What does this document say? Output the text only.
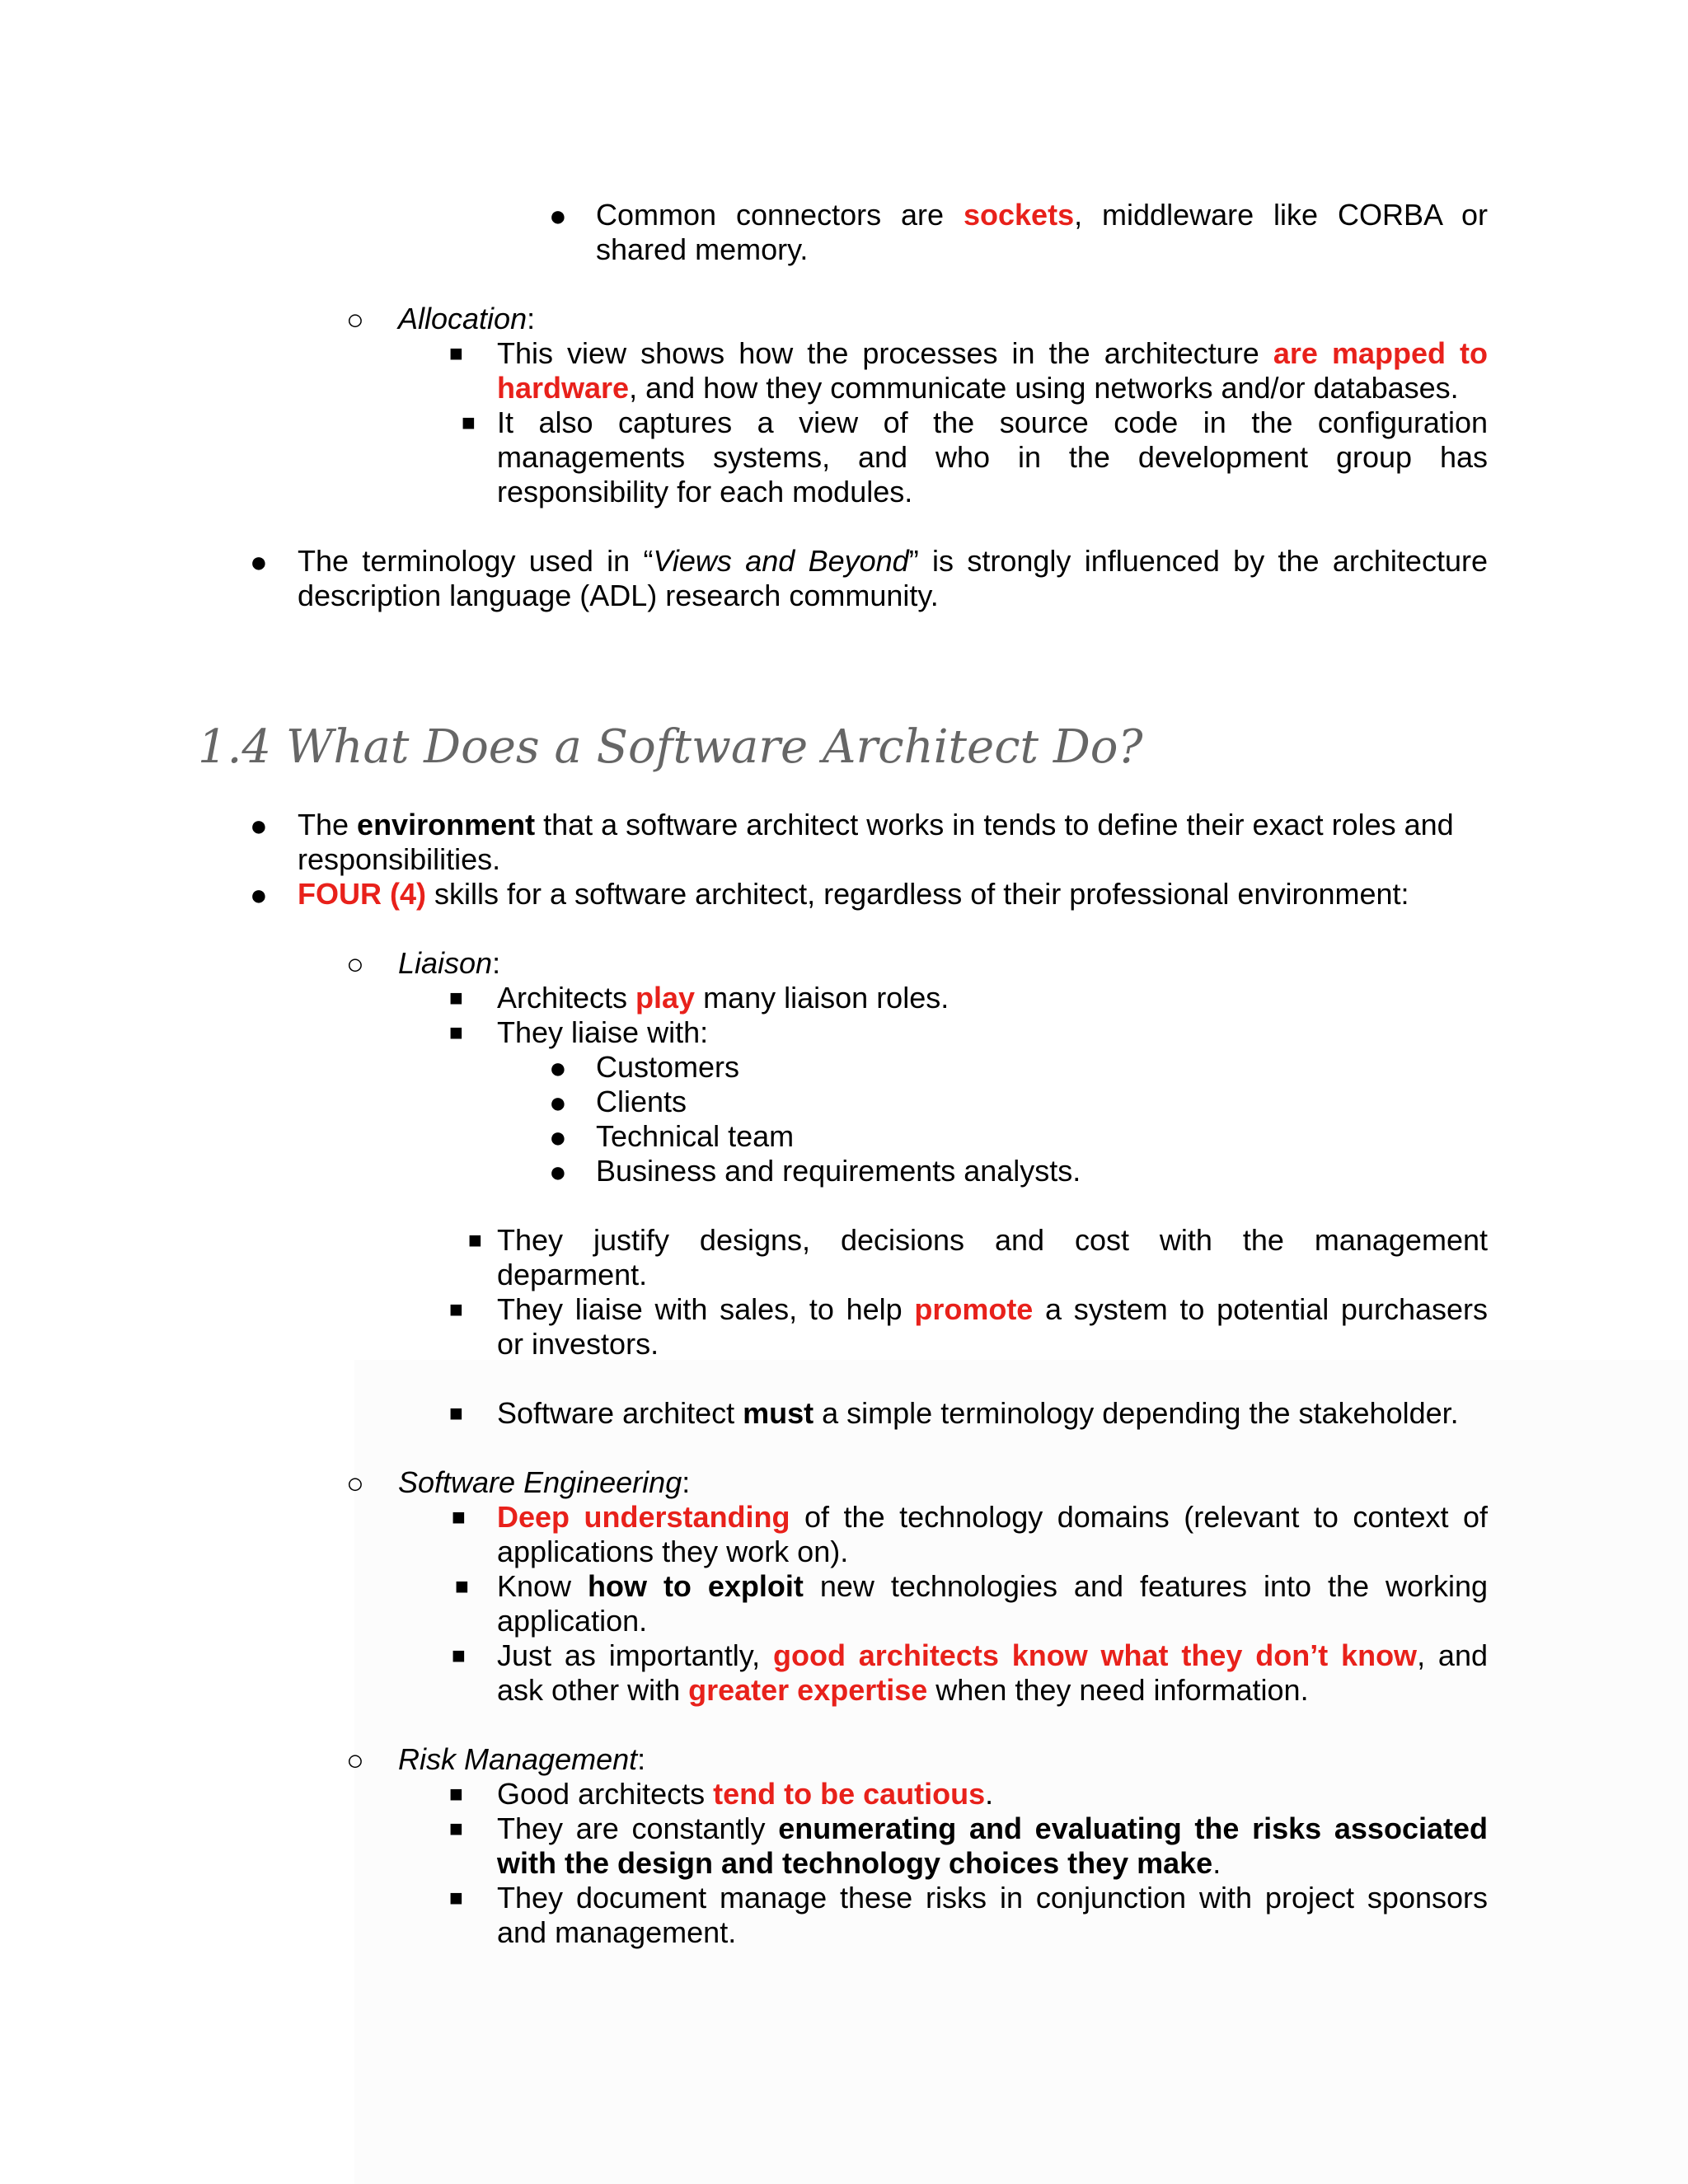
● Common connectors are sockets, middleware like CORBA or
shared memory.
○ Allocation:
■ This view shows how the processes in the architecture are mapped to
hardware, and how they communicate using networks and/or databases.
■ It also captures a view of the source code in the configuration
managements systems, and who in the development group has
responsibility for each modules.
● The terminology used in “Views and Beyond” is strongly influenced by the architecture
description language (ADL) research community.
1.4 What Does a Software Architect Do?
● The environment that a software architect works in tends to define their exact roles and
responsibilities.
● FOUR (4) skills for a software architect, regardless of their professional environment:
○ Liaison:
■ Architects play many liaison roles.
■ They liaise with:
● Customers
● Clients
● Technical team
● Business and requirements analysts.
■ They justify designs, decisions and cost with the management
deparment.
■ They liaise with sales, to help promote a system to potential purchasers
or investors.
■ Software architect must a simple terminology depending the stakeholder.
○ Software Engineering:
■ Deep understanding of the technology domains (relevant to context of
applications they work on).
■ Know how to exploit new technologies and features into the working
application.
■ Just as importantly, good architects know what they don’t know, and
ask other with greater expertise when they need information.
○ Risk Management:
■ Good architects tend to be cautious.
■ They are constantly enumerating and evaluating the risks associated
with the design and technology choices they make.
■ They document manage these risks in conjunction with project sponsors
and management.
